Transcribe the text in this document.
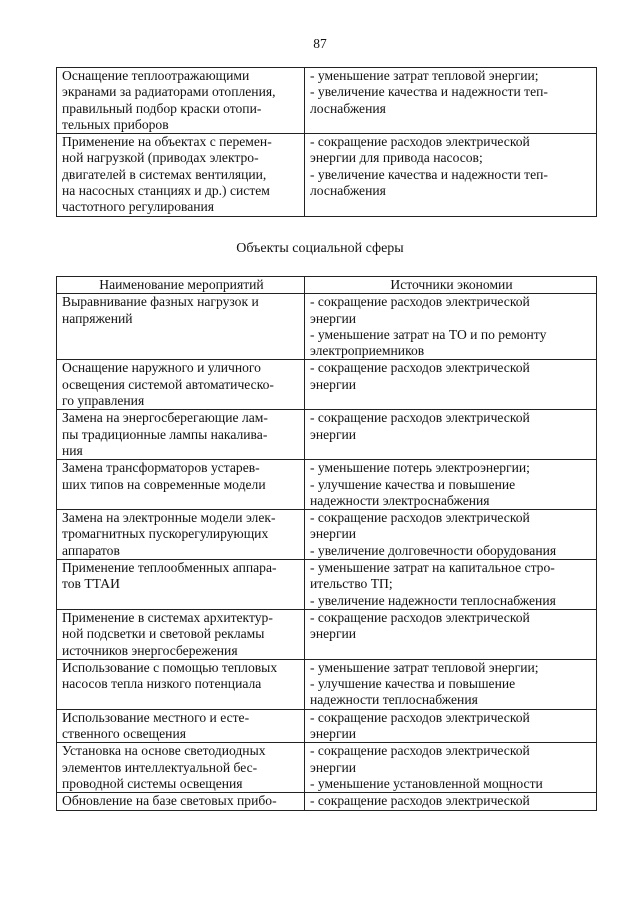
87
Оснащение теплоотражающими
экранами за радиаторами отопления,
правильный подбор краски отопи-
тельных приборов	- уменьшение затрат тепловой энергии;
- увеличение качества и надежности теп-
лоснабжения

Применение на объектах с перемен-
ной нагрузкой (приводах электро-
двигателей в системах вентиляции,
на насосных станциях и др.) систем
частотного регулирования	- сокращение расходов электрической
энергии для привода насосов;
- увеличение качества и надежности теп-
лоснабжения
Объекты социальной сферы
Наименование мероприятий	Источники экономии

Выравнивание фазных нагрузок и
напряжений	- сокращение расходов электрической
энергии
- уменьшение затрат на ТО и по ремонту
электроприемников

Оснащение наружного и уличного
освещения системой автоматическо-
го управления	- сокращение расходов электрической
энергии

Замена на энергосберегающие лам-
пы традиционные лампы накалива-
ния	- сокращение расходов электрической
энергии

Замена трансформаторов устарев-
ших типов на современные модели	- уменьшение потерь электроэнергии;
- улучшение качества и повышение
надежности электроснабжения

Замена на электронные модели элек-
тромагнитных пускорегулирующих
аппаратов	- сокращение расходов электрической
энергии
- увеличение долговечности оборудования

Применение теплообменных аппара-
тов ТТАИ	- уменьшение затрат на капитальное стро-
ительство ТП;
- увеличение надежности теплоснабжения

Применение в системах архитектур-
ной подсветки и световой рекламы
источников энергосбережения	- сокращение расходов электрической
энергии

Использование с помощью тепловых
насосов тепла низкого потенциала	- уменьшение затрат тепловой энергии;
- улучшение качества и повышение
надежности теплоснабжения

Использование местного и есте-
ственного освещения	- сокращение расходов электрической
энергии

Установка на основе светодиодных
элементов интеллектуальной бес-
проводной системы освещения	- сокращение расходов электрической
энергии
- уменьшение установленной мощности

Обновление на базе световых прибо-	- сокращение расходов электрической
